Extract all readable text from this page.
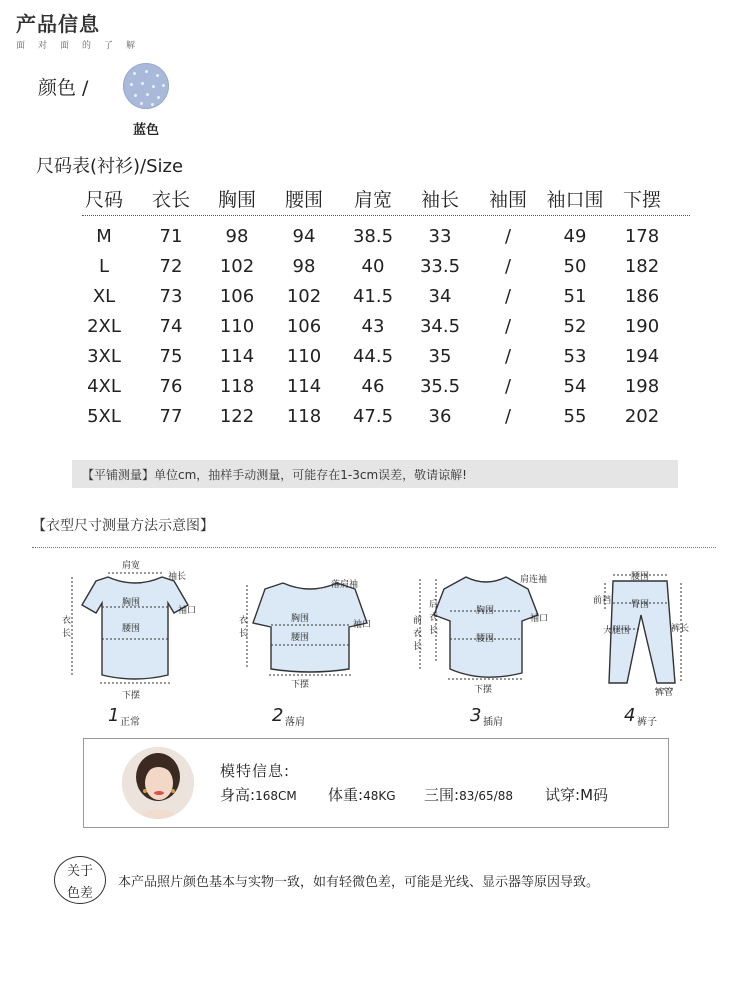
产品信息
面对面的了解
颜色 /
蓝色
尺码表(衬衫)/Size
尺码	衣长	胸围	腰围	肩宽	袖长	袖围	袖口围	下摆
M	71	98	94	38.5	33	/	49	178
L	72	102	98	40	33.5	/	50	182
XL	73	106	102	41.5	34	/	51	186
2XL	74	110	106	43	34.5	/	52	190
3XL	75	114	110	44.5	35	/	53	194
4XL	76	118	114	46	35.5	/	54	198
5XL	77	122	118	47.5	36	/	55	202
【平铺测量】单位cm，抽样手动测量，可能存在1-3cm误差，敬请谅解!
【衣型尺寸测量方法示意图】
肩宽
袖长
胸围
袖口
腰围
衣长
下摆
落肩袖
胸围
袖口
腰围
衣长
下摆
肩连袖
胸围
袖口
腰围
后衣长
前衣长
下摆
腰围
臀围
前裆
大腿围	裤长
裤管
1 正常	2 落肩	3 插肩	4 裤子
模特信息:
身高:168CM 体重:48KG 三围:83/65/88 试穿:M码
关于
色差
本产品照片颜色基本与实物一致，如有轻微色差，可能是光线、显示器等原因导致。
